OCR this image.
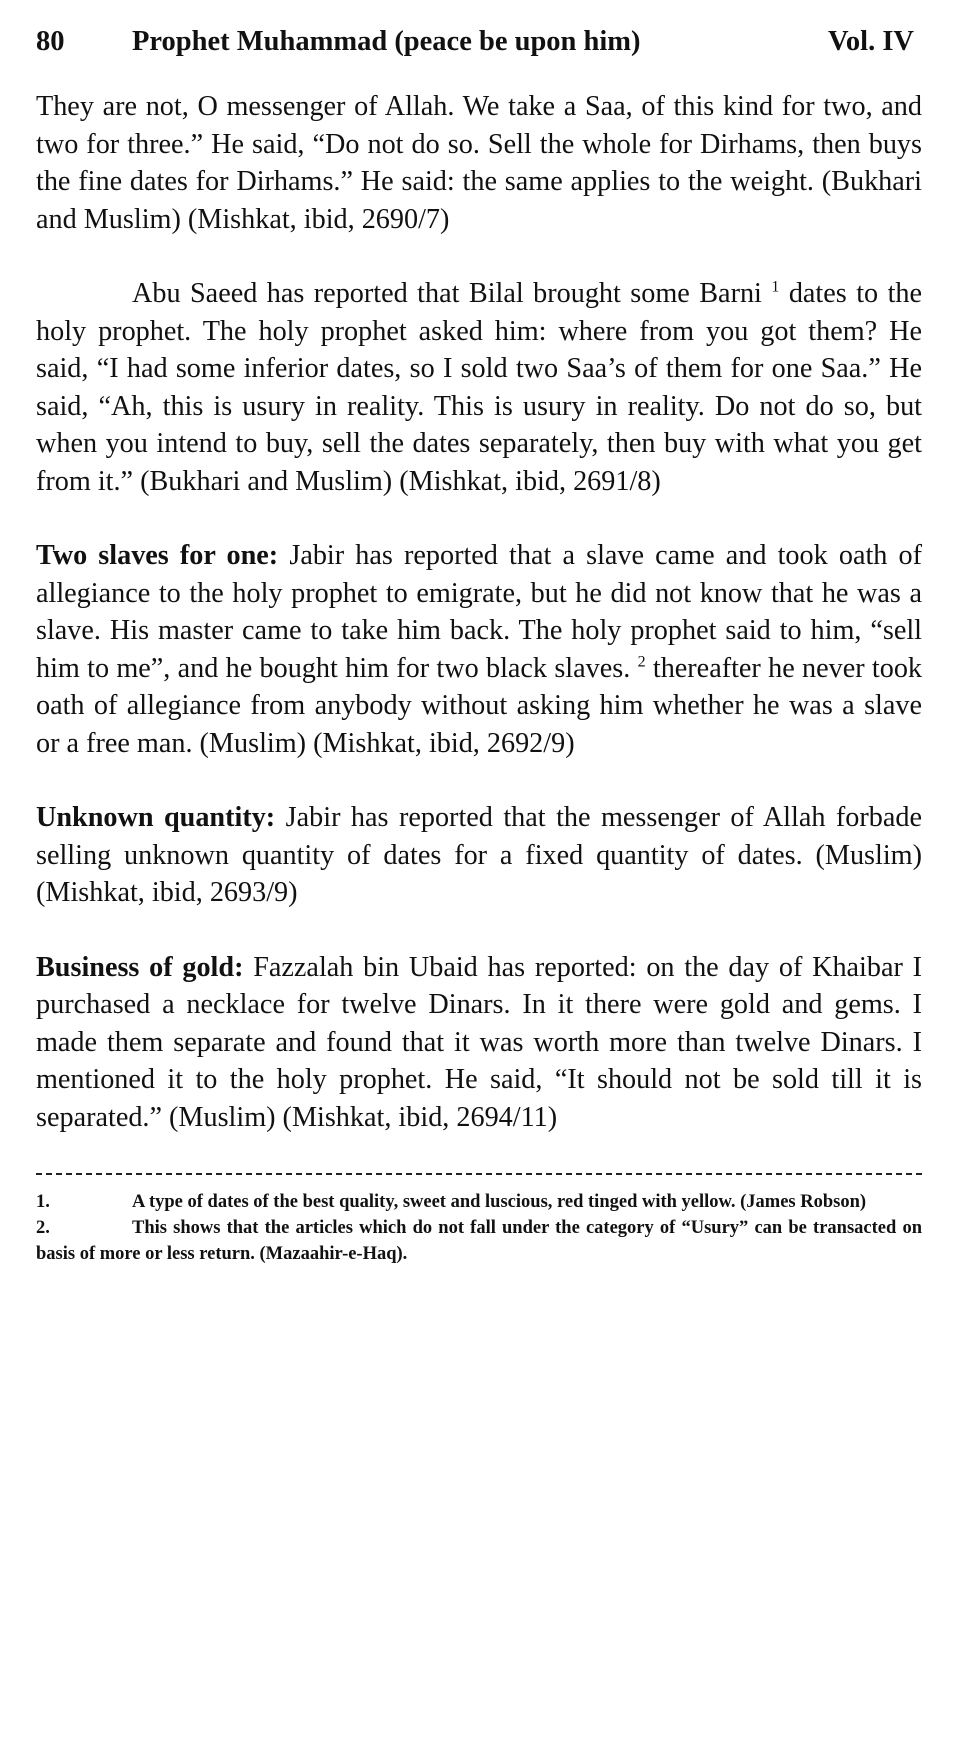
80	Prophet Muhammad (peace be upon him)	Vol. IV

They are not, O messenger of Allah. We take a Saa, of this kind for two, and two for three.” He said, “Do not do so. Sell the whole for Dirhams, then buys the fine dates for Dirhams.” He said: the same applies to the weight. (Bukhari and Muslim) (Mishkat, ibid, 2690/7)

Abu Saeed has reported that Bilal brought some Barni $^1$ dates to the holy prophet. The holy prophet asked him: where from you got them? He said, “I had some inferior dates, so I sold two Saa’s of them for one Saa.” He said, “Ah, this is usury in reality. This is usury in reality. Do not do so, but when you intend to buy, sell the dates separately, then buy with what you get from it.” (Bukhari and Muslim) (Mishkat, ibid, 2691/8)

Two slaves for one: Jabir has reported that a slave came and took oath of allegiance to the holy prophet to emigrate, but he did not know that he was a slave. His master came to take him back. The holy prophet said to him, “sell him to me”, and he bought him for two black slaves. $^2$ thereafter he never took oath of allegiance from anybody without asking him whether he was a slave or a free man. (Muslim) (Mishkat, ibid, 2692/9)

Unknown quantity: Jabir has reported that the messenger of Allah forbade selling unknown quantity of dates for a fixed quantity of dates. (Muslim) (Mishkat, ibid, 2693/9)

Business of gold: Fazzalah bin Ubaid has reported: on the day of Khaibar I purchased a necklace for twelve Dinars. In it there were gold and gems. I made them separate and found that it was worth more than twelve Dinars. I mentioned it to the holy prophet. He said, “It should not be sold till it is separated.” (Muslim) (Mishkat, ibid, 2694/11)

1.	A type of dates of the best quality, sweet and luscious, red tinged with yellow. (James Robson)
2.	This shows that the articles which do not fall under the category of “Usury” can be transacted on basis of more or less return. (Mazaahir-e-Haq).
